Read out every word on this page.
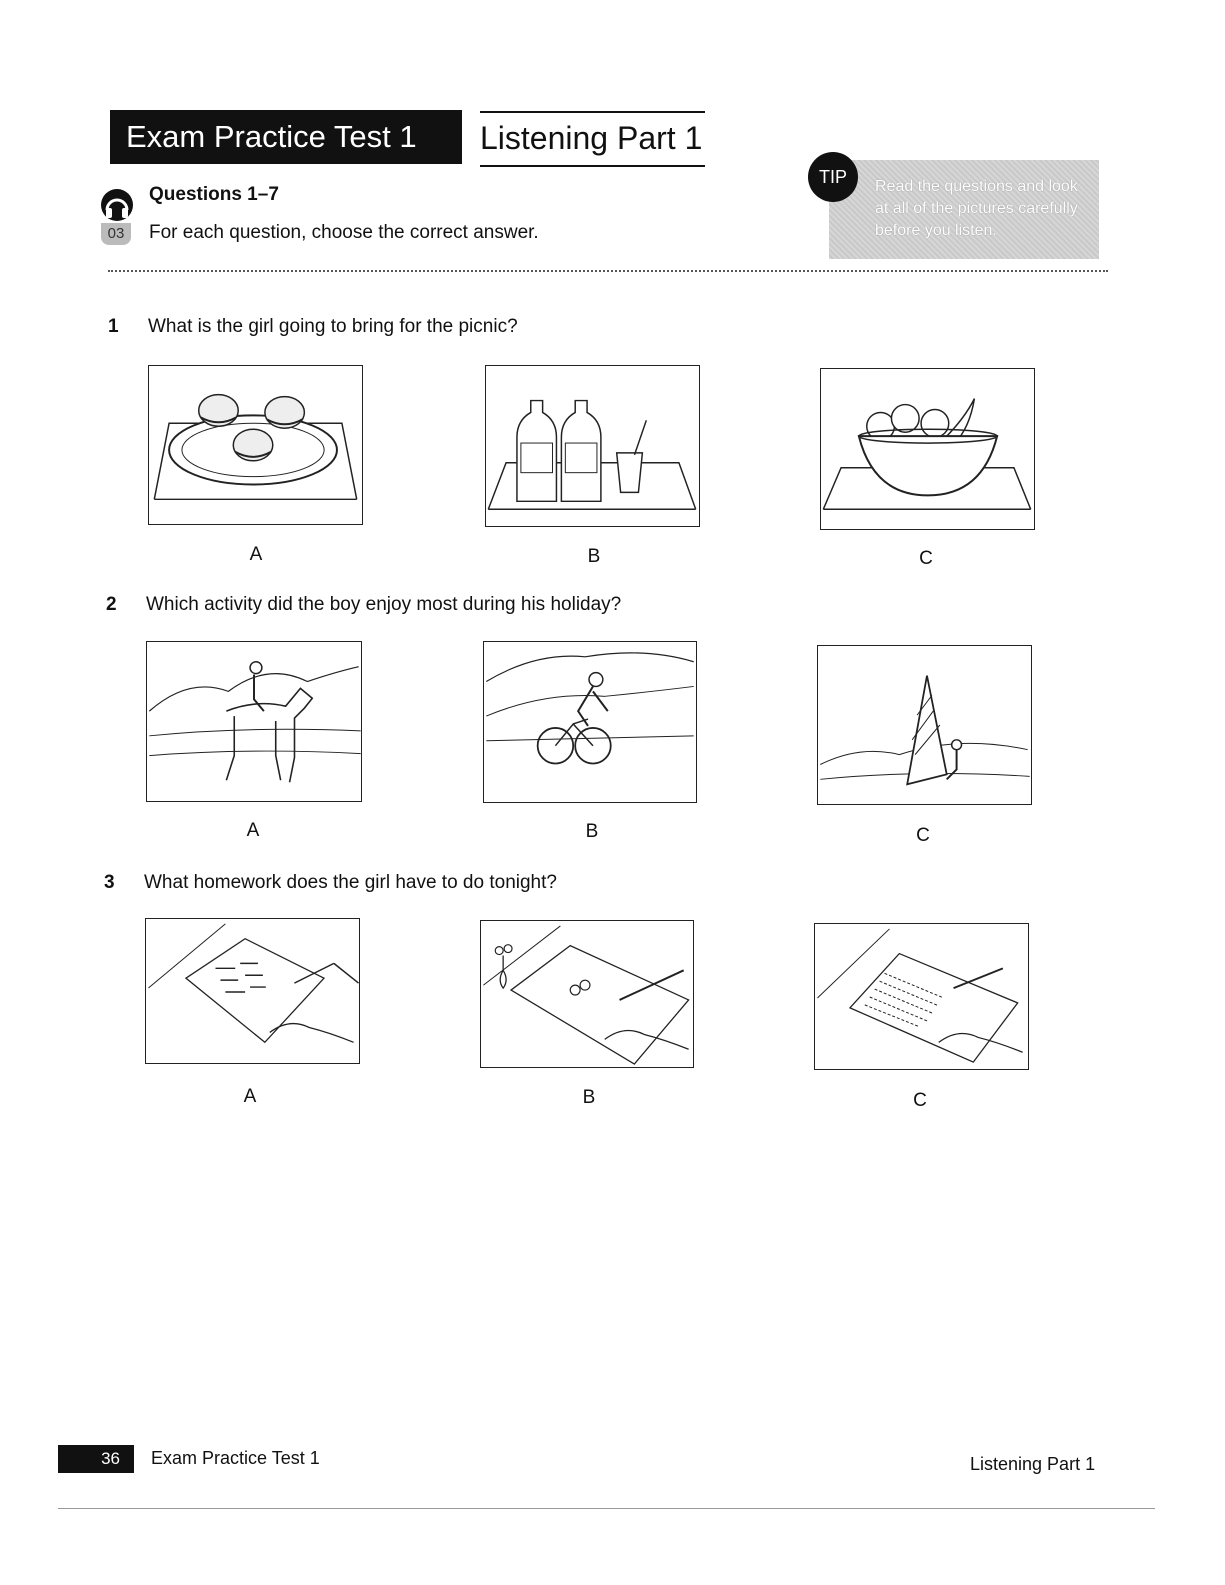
Exam Practice Test 1	Listening Part 1
03
Questions 1–7
For each question, choose the correct answer.
Read the questions and look at all of the pictures carefully before you listen.
TIP
1 What is the girl going to bring for the picnic?
A	B	C
2 Which activity did the boy enjoy most during his holiday?
A	B	C
3 What homework does the girl have to do tonight?
A	B	C
36	Exam Practice Test 1	Listening Part 1
